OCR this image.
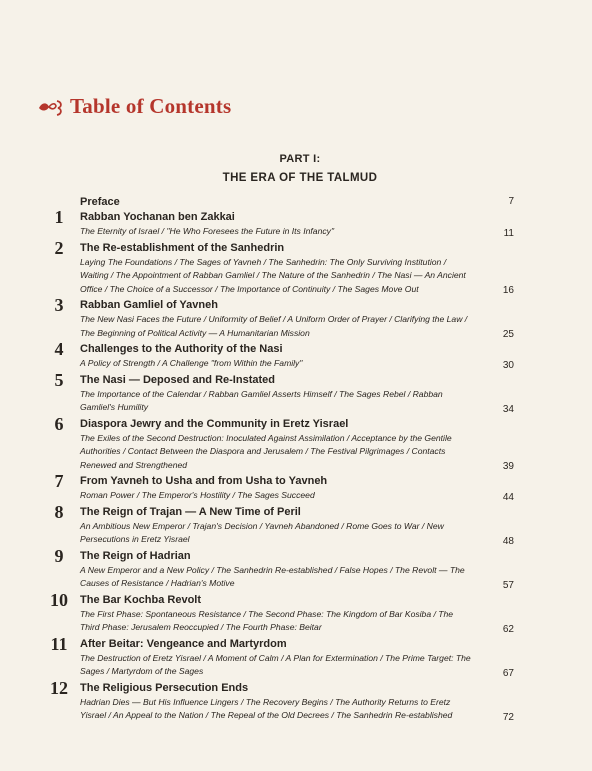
Table of Contents
PART I:
THE ERA OF THE TALMUD
Preface	7
1	Rabban Yochanan ben Zakkai
The Eternity of Israel / "He Who Foresees the Future in Its Infancy"	11
2	The Re-establishment of the Sanhedrin
Laying The Foundations / The Sages of Yavneh / The Sanhedrin: The Only Surviving Institution / Waiting / The Appointment of Rabban Gamliel / The Nature of the Sanhedrin / The Nasi — An Ancient Office / The Choice of a Successor / The Importance of Continuity / The Sages Move Out	16
3	Rabban Gamliel of Yavneh
The New Nasi Faces the Future / Uniformity of Belief / A Uniform Order of Prayer / Clarifying the Law / The Beginning of Political Activity — A Humanitarian Mission	25
4	Challenges to the Authority of the Nasi
A Policy of Strength / A Challenge "from Within the Family"	30
5	The Nasi — Deposed and Re-Instated
The Importance of the Calendar / Rabban Gamliel Asserts Himself / The Sages Rebel / Rabban Gamliel's Humility	34
6	Diaspora Jewry and the Community in Eretz Yisrael
The Exiles of the Second Destruction: Inoculated Against Assimilation / Acceptance by the Gentile Authorities / Contact Between the Diaspora and Jerusalem / The Festival Pilgrimages / Contacts Renewed and Strengthened	39
7	From Yavneh to Usha and from Usha to Yavneh
Roman Power / The Emperor's Hostility / The Sages Succeed	44
8	The Reign of Trajan — A New Time of Peril
An Ambitious New Emperor / Trajan's Decision / Yavneh Abandoned / Rome Goes to War / New Persecutions in Eretz Yisrael	48
9	The Reign of Hadrian
A New Emperor and a New Policy / The Sanhedrin Re-established / False Hopes / The Revolt — The Causes of Resistance / Hadrian's Motive	57
10	The Bar Kochba Revolt
The First Phase: Spontaneous Resistance / The Second Phase: The Kingdom of Bar Kosiba / The Third Phase: Jerusalem Reoccupied / The Fourth Phase: Beitar	62
11	After Beitar: Vengeance and Martyrdom
The Destruction of Eretz Yisrael / A Moment of Calm / A Plan for Extermination / The Prime Target: The Sages / Martyrdom of the Sages	67
12	The Religious Persecution Ends
Hadrian Dies — But His Influence Lingers / The Recovery Begins / The Authority Returns to Eretz Yisrael / An Appeal to the Nation / The Repeal of the Old Decrees / The Sanhedrin Re-established	72
